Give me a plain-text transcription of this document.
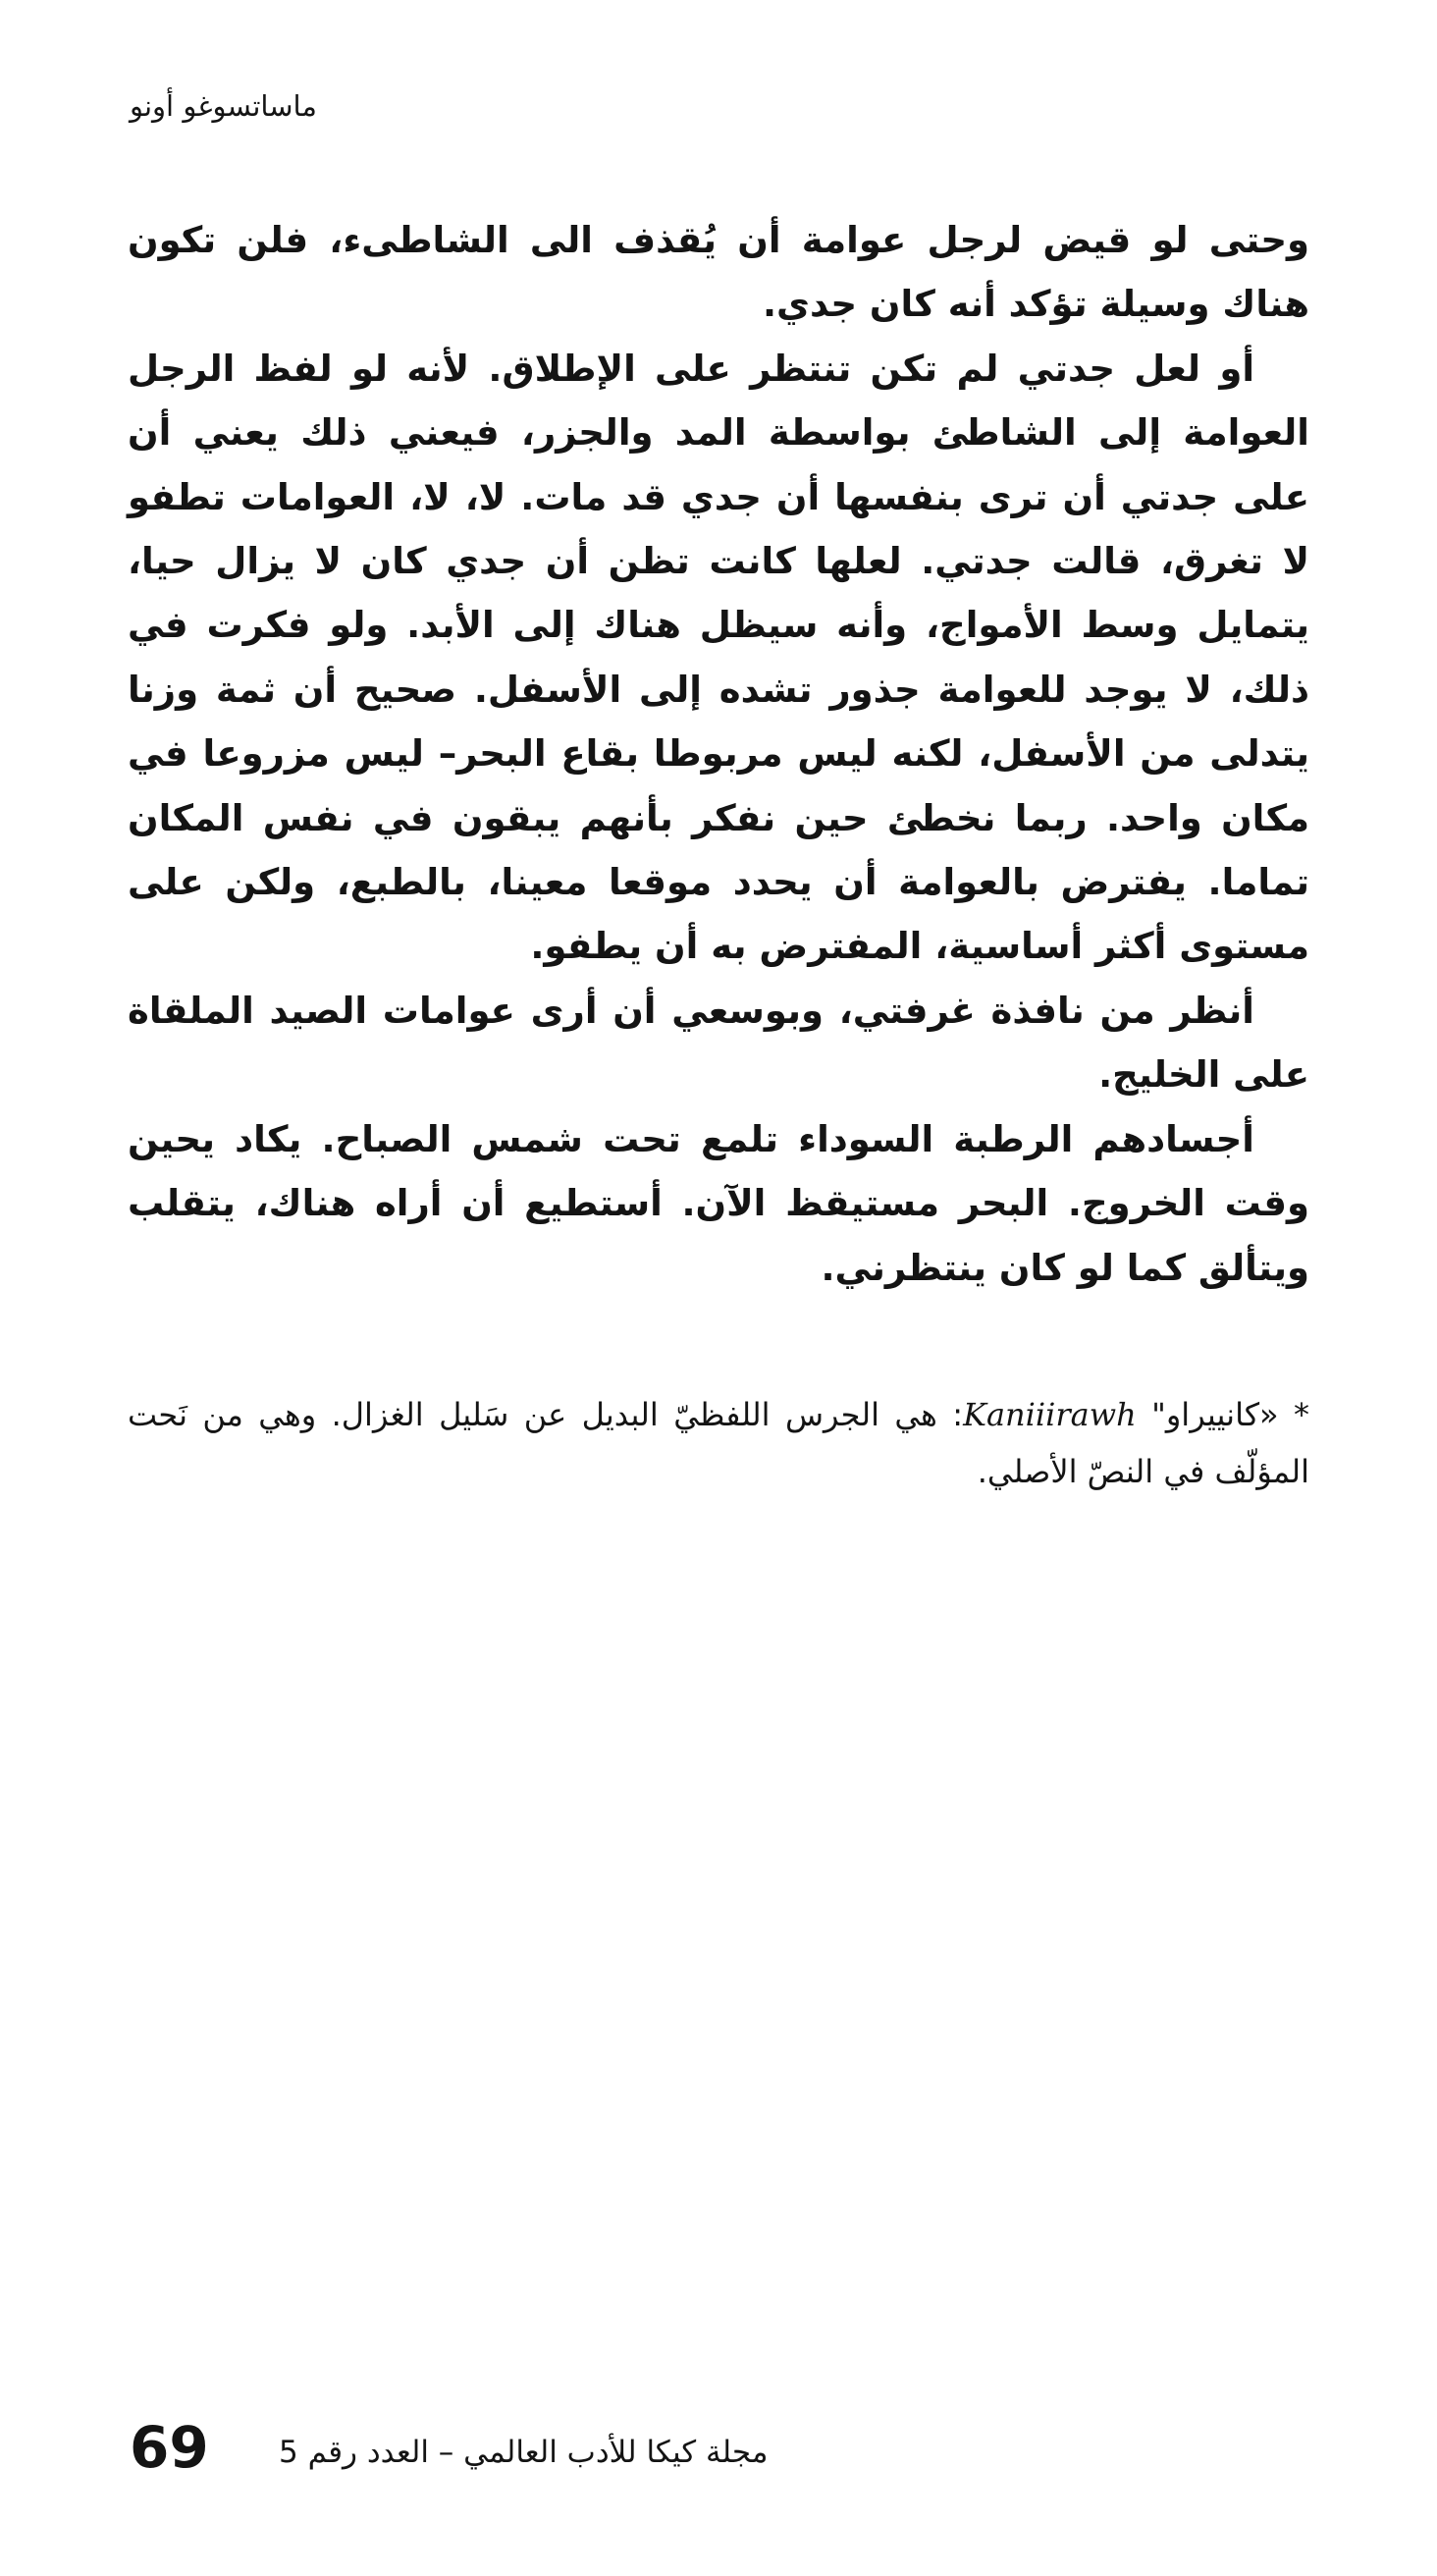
ماساتسوغو أونو

وحتى لو قيض لرجل عوامة أن يُقذف الى الشاطىء، فلن تكون هناك وسيلة تؤكد أنه كان جدي.

أو لعل جدتي لم تكن تنتظر على الإطلاق. لأنه لو لفظ الرجل العوامة إلى الشاطئ بواسطة المد والجزر، فيعني ذلك يعني أن على جدتي أن ترى بنفسها أن جدي قد مات. لا، لا، العوامات تطفو لا تغرق، قالت جدتي. لعلها كانت تظن أن جدي كان لا يزال حيا، يتمايل وسط الأمواج، وأنه سيظل هناك إلى الأبد. ولو فكرت في ذلك، لا يوجد للعوامة جذور تشده إلى الأسفل. صحيح أن ثمة وزنا يتدلى من الأسفل، لكنه ليس مربوطا بقاع البحر– ليس مزروعا في مكان واحد. ربما نخطئ حين نفكر بأنهم يبقون في نفس المكان تماما. يفترض بالعوامة أن يحدد موقعا معينا، بالطبع، ولكن على مستوى أكثر أساسية، المفترض به أن يطفو.

أنظر من نافذة غرفتي، وبوسعي أن أرى عوامات الصيد الملقاة على الخليج.

أجسادهم الرطبة السوداء تلمع تحت شمس الصباح. يكاد يحين وقت الخروج. البحر مستيقظ الآن. أستطيع أن أراه هناك، يتقلب ويتألق كما لو كان ينتظرني.

* «كانييراو" Kaniiirawh: هي الجرس اللفظيّ البديل عن سَليل الغزال. وهي من نَحت المؤلّف في النصّ الأصلي.

69 مجلة كيكا للأدب العالمي – العدد رقم 5
